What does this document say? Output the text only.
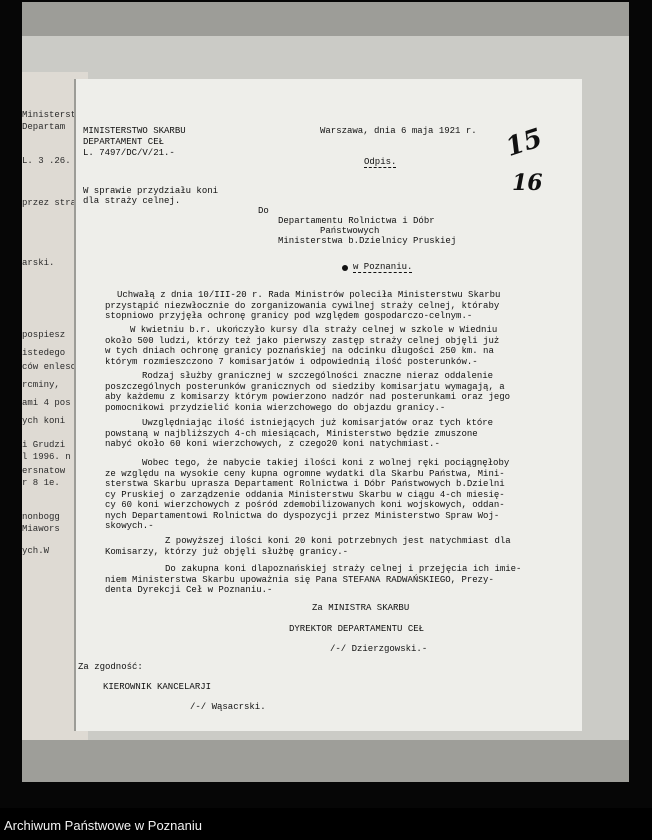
Ministerst
Departam
L. 3 .26.
przez stra
arski.
pospiesz
istedego
ców enlesc
rcminy,
ami 4 pos
ych koni
i Grudzi
l 1996. n
ersnatow
r 8 1e.
nonbogg
Miawors
ych.W
MINISTERSTWO SKARBU
DEPARTAMENT CEŁ
L. 7497/DC/V/21.-
Warszawa, dnia 6 maja 1921 r.
Odpis.	15
16
W sprawie przydziału koni
dla straży celnej.
Do
Departamentu Rolnictwa i Dóbr
Państwowych
Ministerstwa b.Dzielnicy Pruskiej
w Poznaniu.
Uchwałą z dnia 10/III-20 r. Rada Ministrów poleciła Ministerstwu Skarbu
przystąpić niezwłocznie do zorganizowania cywilnej straży celnej, któraby
stopniowo przyjęła ochronę granicy pod względem gospodarczo-celnym.-
W kwietniu b.r. ukończyło kursy dla straży celnej w szkole w Wiedniu
około 500 ludzi, którzy też jako pierwszy zastęp straży celnej objęli już
w tych dniach ochronę granicy poznańskiej na odcinku długości 250 km. na
którym rozmieszczono 7 komisarjatów i odpowiednią ilość posterunków.-
Rodzaj służby granicznej w szczególności znaczne nieraz oddalenie
poszczególnych posterunków granicznych od siedziby komisarjatu wymagają, a
aby każdemu z komisarzy którym powierzono nadzór nad posterunkami oraz jego
pomocnikowi przydzielić konia wierzchowego do objazdu granicy.-
Uwzględniając ilość istniejących już komisarjatów oraz tych które
powstaną w najbliższych 4-ch miesiącach, Ministerstwo będzie zmuszone
nabyć około 60 koni wierzchowych, z czego20 koni natychmiast.-
Wobec tego, że nabycie takiej ilości koni z wolnej ręki pociągnęłoby
ze względu na wysokie ceny kupna ogromne wydatki dla Skarbu Państwa, Mini-
sterstwa Skarbu uprasza Departament Rolnictwa i Dóbr Państwowych b.Dzielni
cy Pruskiej o zarządzenie oddania Ministerstwu Skarbu w ciągu 4-ch miesię-
cy 60 koni wierzchowych z pośród zdemobilizowanych koni wojskowych, oddan-
nych Departamentowi Rolnictwa do dyspozycji przez Ministerstwo Spraw Woj-
skowych.-
Z powyższej ilości koni 20 koni potrzebnych jest natychmiast dla
Komisarzy, którzy już objęli służbę granicy.-
Do zakupna koni dlapoznańskiej straży celnej i przejęcia ich imie-
niem Ministerstwa Skarbu upoważnia się Pana STEFANA RADWAŃSKIEGO, Prezy-
denta Dyrekcji Ceł w Poznaniu.-
Za MINISTRA SKARBU
DYREKTOR DEPARTAMENTU CEŁ
/-/ Dzierzgowski.-
Za zgodność:
KIEROWNIK KANCELARJI
/-/ Wąsacrski.
Archiwum Państwowe w Poznaniu
